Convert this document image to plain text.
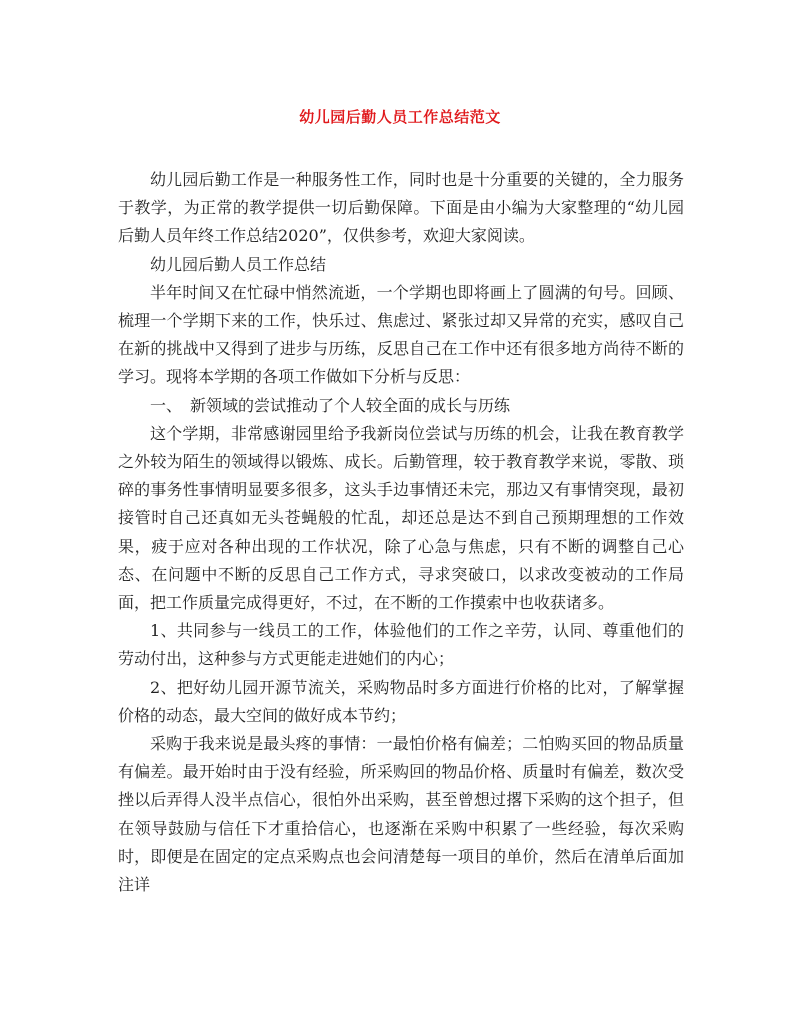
幼儿园后勤人员工作总结范文

幼儿园后勤工作是一种服务性工作，同时也是十分重要的关键的，全力服务于教学，为正常的教学提供一切后勤保障。下面是由小编为大家整理的“幼儿园后勤人员年终工作总结2020”，仅供参考，欢迎大家阅读。

幼儿园后勤人员工作总结

半年时间又在忙碌中悄然流逝，一个学期也即将画上了圆满的句号。回顾、梳理一个学期下来的工作，快乐过、焦虑过、紧张过却又异常的充实，感叹自己在新的挑战中又得到了进步与历练，反思自己在工作中还有很多地方尚待不断的学习。现将本学期的各项工作做如下分析与反思：

一、　新领域的尝试推动了个人较全面的成长与历练

这个学期，非常感谢园里给予我新岗位尝试与历练的机会，让我在教育教学之外较为陌生的领域得以锻炼、成长。后勤管理，较于教育教学来说，零散、琐碎的事务性事情明显要多很多，这头手边事情还未完，那边又有事情突现，最初接管时自己还真如无头苍蝇般的忙乱，却还总是达不到自己预期理想的工作效果，疲于应对各种出现的工作状况，除了心急与焦虑，只有不断的调整自己心态、在问题中不断的反思自己工作方式，寻求突破口，以求改变被动的工作局面，把工作质量完成得更好，不过，在不断的工作摸索中也收获诸多。

1、共同参与一线员工的工作，体验他们的工作之辛劳，认同、尊重他们的劳动付出，这种参与方式更能走进她们的内心；

2、把好幼儿园开源节流关，采购物品时多方面进行价格的比对，了解掌握价格的动态，最大空间的做好成本节约；

采购于我来说是最头疼的事情：一最怕价格有偏差；二怕购买回的物品质量有偏差。最开始时由于没有经验，所采购回的物品价格、质量时有偏差，数次受挫以后弄得人没半点信心，很怕外出采购，甚至曾想过撂下采购的这个担子，但在领导鼓励与信任下才重拾信心，也逐渐在采购中积累了一些经验，每次采购时，即便是在固定的定点采购点也会问清楚每一项目的单价，然后在清单后面加注详
